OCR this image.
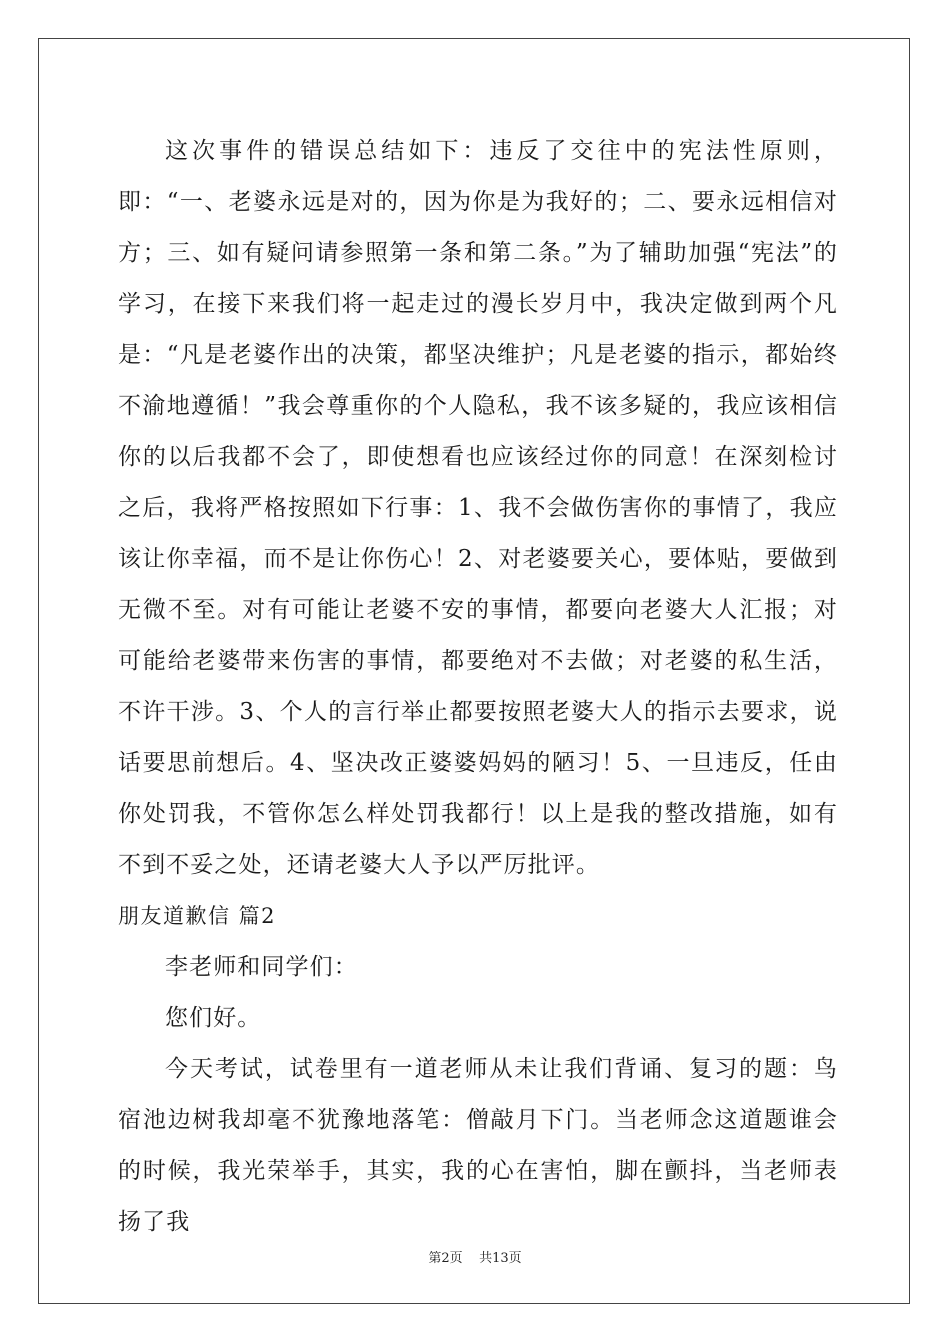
这次事件的错误总结如下：违反了交往中的宪法性原则，即：“一、老婆永远是对的，因为你是为我好的；二、要永远相信对方；三、如有疑问请参照第一条和第二条。”为了辅助加强“宪法”的学习，在接下来我们将一起走过的漫长岁月中，我决定做到两个凡是：“凡是老婆作出的决策，都坚决维护；凡是老婆的指示，都始终不渝地遵循！”我会尊重你的个人隐私，我不该多疑的，我应该相信你的以后我都不会了，即使想看也应该经过你的同意！在深刻检讨之后，我将严格按照如下行事：1、我不会做伤害你的事情了，我应该让你幸福，而不是让你伤心！2、对老婆要关心，要体贴，要做到无微不至。对有可能让老婆不安的事情，都要向老婆大人汇报；对可能给老婆带来伤害的事情，都要绝对不去做；对老婆的私生活，不许干涉。3、个人的言行举止都要按照老婆大人的指示去要求，说话要思前想后。4、坚决改正婆婆妈妈的陋习！5、一旦违反，任由你处罚我，不管你怎么样处罚我都行！以上是我的整改措施，如有不到不妥之处，还请老婆大人予以严厉批评。

朋友道歉信 篇2

李老师和同学们：

您们好。

今天考试，试卷里有一道老师从未让我们背诵、复习的题：鸟宿池边树我却毫不犹豫地落笔：僧敲月下门。当老师念这道题谁会的时候，我光荣举手，其实，我的心在害怕，脚在颤抖，当老师表扬了我

第2页    共13页
